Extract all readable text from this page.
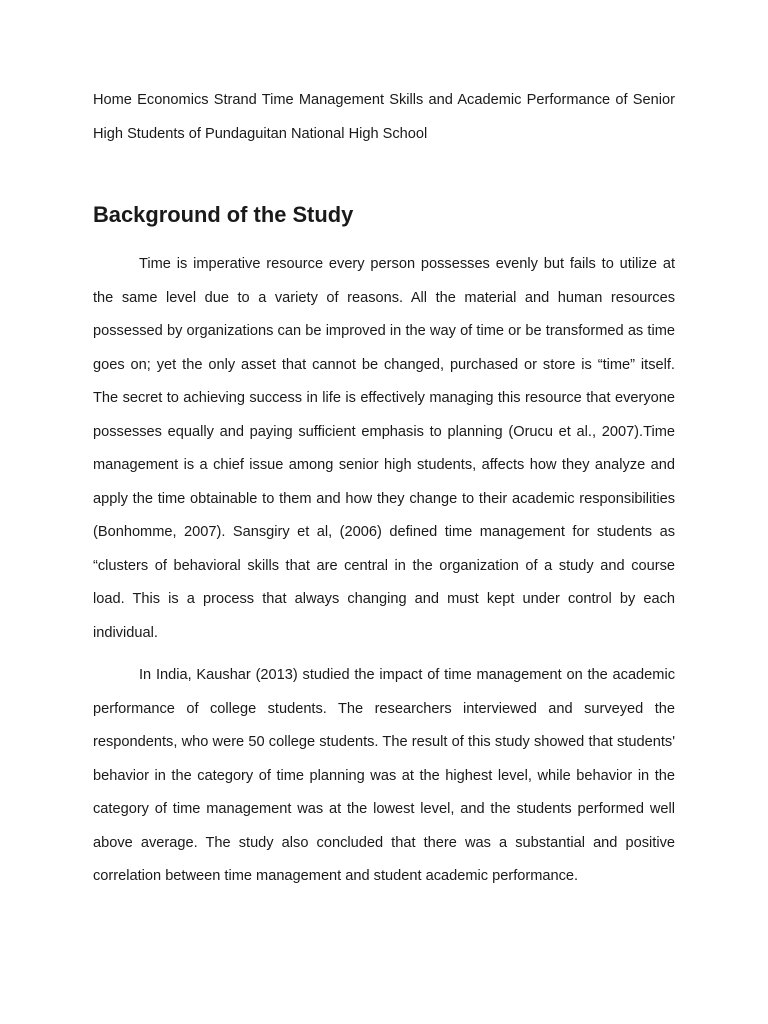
Home Economics Strand Time Management Skills and Academic Performance of Senior High Students of Pundaguitan National High School

Background of the Study

Time is imperative resource every person possesses evenly but fails to utilize at the same level due to a variety of reasons. All the material and human resources possessed by organizations can be improved in the way of time or be transformed as time goes on; yet the only asset that cannot be changed, purchased or store is “time” itself. The secret to achieving success in life is effectively managing this resource that everyone possesses equally and paying sufficient emphasis to planning (Orucu et al., 2007).Time management is a chief issue among senior high students, affects how they analyze and apply the time obtainable to them and how they change to their academic responsibilities (Bonhomme, 2007). Sansgiry et al, (2006) defined time management for students as “clusters of behavioral skills that are central in the organization of a study and course load. This is a process that always changing and must kept under control by each individual.

In India, Kaushar (2013) studied the impact of time management on the academic performance of college students. The researchers interviewed and surveyed the respondents, who were 50 college students. The result of this study showed that students' behavior in the category of time planning was at the highest level, while behavior in the category of time management was at the lowest level, and the students performed well above average. The study also concluded that there was a substantial and positive correlation between time management and student academic performance.
